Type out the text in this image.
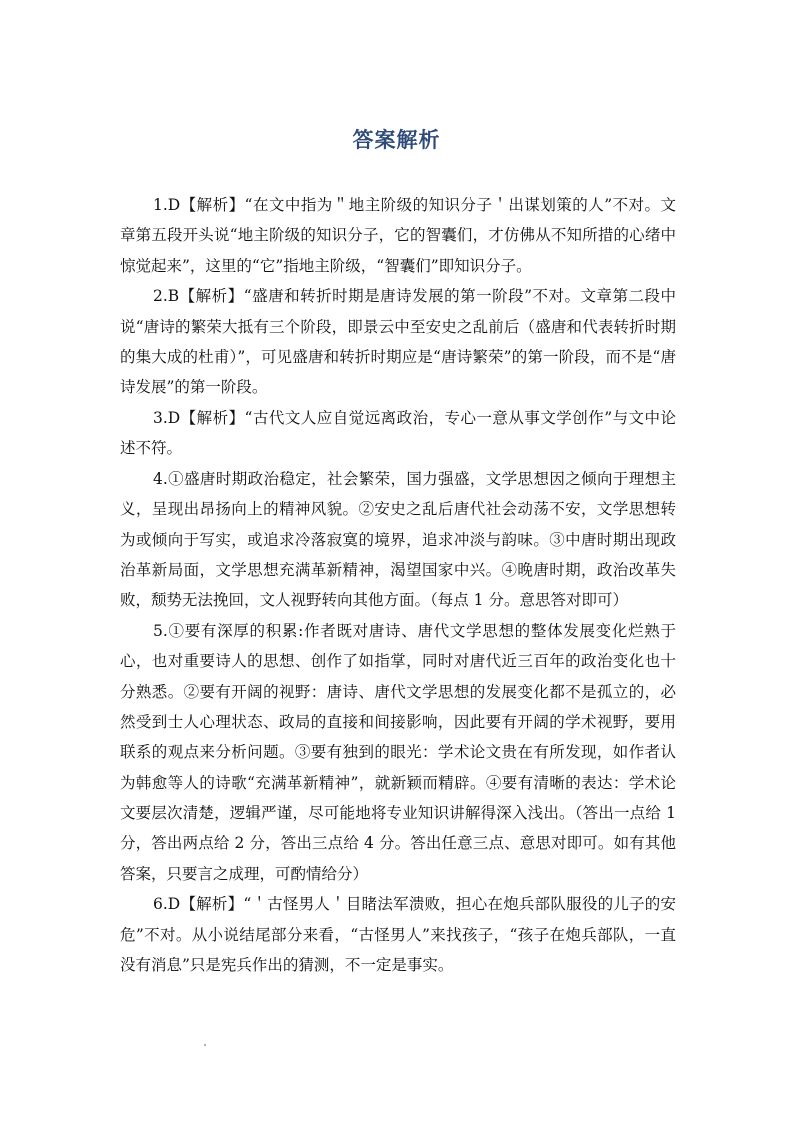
答案解析

1.D【解析】“在文中指为＂地主阶级的知识分子＇出谋划策的人”不对。文章第五段开头说“地主阶级的知识分子，它的智囊们，才仿佛从不知所措的心绪中惊觉起来”，这里的“它”指地主阶级，“智囊们”即知识分子。

2.B【解析】“盛唐和转折时期是唐诗发展的第一阶段”不对。文章第二段中说“唐诗的繁荣大抵有三个阶段，即景云中至安史之乱前后（盛唐和代表转折时期的集大成的杜甫）”，可见盛唐和转折时期应是“唐诗繁荣”的第一阶段，而不是“唐诗发展”的第一阶段。

3.D【解析】“古代文人应自觉远离政治，专心一意从事文学创作”与文中论述不符。

4.①盛唐时期政治稳定，社会繁荣，国力强盛，文学思想因之倾向于理想主义，呈现出昂扬向上的精神风貌。②安史之乱后唐代社会动荡不安，文学思想转为或倾向于写实，或追求冷落寂寞的境界，追求冲淡与韵味。③中唐时期出现政治革新局面，文学思想充满革新精神，渴望国家中兴。④晚唐时期，政治改革失败，颓势无法挽回，文人视野转向其他方面。（每点 1 分。意思答对即可）

5.①要有深厚的积累:作者既对唐诗、唐代文学思想的整体发展变化烂熟于心，也对重要诗人的思想、创作了如指掌，同时对唐代近三百年的政治变化也十分熟悉。②要有开阔的视野：唐诗、唐代文学思想的发展变化都不是孤立的，必然受到士人心理状态、政局的直接和间接影响，因此要有开阔的学术视野，要用联系的观点来分析问题。③要有独到的眼光：学术论文贵在有所发现，如作者认为韩愈等人的诗歌“充满革新精神”，就新颖而精辟。④要有清晰的表达：学术论文要层次清楚，逻辑严谨，尽可能地将专业知识讲解得深入浅出。（答出一点给 1 分，答出两点给 2 分，答出三点给 4 分。答出任意三点、意思对即可。如有其他答案，只要言之成理，可酌情给分）

6.D【解析】“＇古怪男人＇目睹法军溃败，担心在炮兵部队服役的儿子的安危”不对。从小说结尾部分来看，“古怪男人”来找孩子，“孩子在炮兵部队，一直没有消息”只是宪兵作出的猜测，不一定是事实。
